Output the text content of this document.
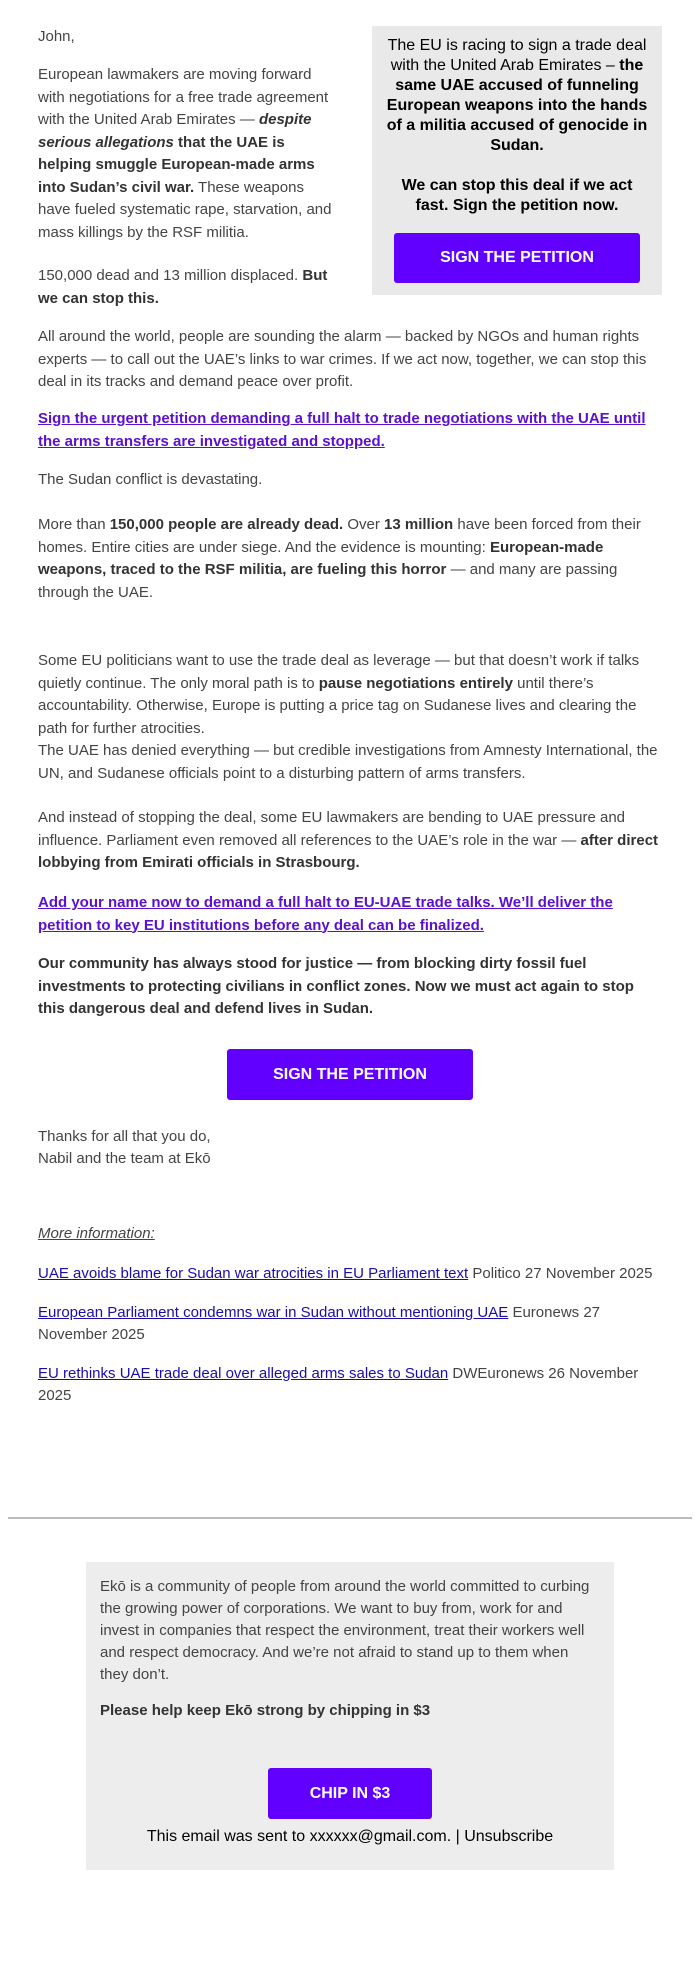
John,

European lawmakers are moving forward with negotiations for a free trade agreement with the United Arab Emirates — despite serious allegations that the UAE is helping smuggle European-made arms into Sudan’s civil war. These weapons have fueled systematic rape, starvation, and mass killings by the RSF militia.

150,000 dead and 13 million displaced. But we can stop this.

The EU is racing to sign a trade deal with the United Arab Emirates – the same UAE accused of funneling European weapons into the hands of a militia accused of genocide in Sudan.

We can stop this deal if we act fast. Sign the petition now.

SIGN THE PETITION

All around the world, people are sounding the alarm — backed by NGOs and human rights experts — to call out the UAE’s links to war crimes. If we act now, together, we can stop this deal in its tracks and demand peace over profit.

Sign the urgent petition demanding a full halt to trade negotiations with the UAE until the arms transfers are investigated and stopped.

The Sudan conflict is devastating.

More than 150,000 people are already dead. Over 13 million have been forced from their homes. Entire cities are under siege. And the evidence is mounting: European-made weapons, traced to the RSF militia, are fueling this horror — and many are passing through the UAE.

Some EU politicians want to use the trade deal as leverage — but that doesn’t work if talks quietly continue. The only moral path is to pause negotiations entirely until there’s accountability. Otherwise, Europe is putting a price tag on Sudanese lives and clearing the path for further atrocities.

The UAE has denied everything — but credible investigations from Amnesty International, the UN, and Sudanese officials point to a disturbing pattern of arms transfers.

And instead of stopping the deal, some EU lawmakers are bending to UAE pressure and influence. Parliament even removed all references to the UAE’s role in the war — after direct lobbying from Emirati officials in Strasbourg.

Add your name now to demand a full halt to EU-UAE trade talks. We’ll deliver the petition to key EU institutions before any deal can be finalized.

Our community has always stood for justice — from blocking dirty fossil fuel investments to protecting civilians in conflict zones. Now we must act again to stop this dangerous deal and defend lives in Sudan.

SIGN THE PETITION
Thanks for all that you do,
Nabil and the team at Ekō
More information:
UAE avoids blame for Sudan war atrocities in EU Parliament text Politico 27 November 2025
European Parliament condemns war in Sudan without mentioning UAE Euronews 27 November 2025
EU rethinks UAE trade deal over alleged arms sales to Sudan DWEuronews 26 November 2025

Ekō is a community of people from around the world committed to curbing the growing power of corporations. We want to buy from, work for and invest in companies that respect the environment, treat their workers well and respect democracy. And we’re not afraid to stand up to them when they don’t.

Please help keep Ekō strong by chipping in $3
CHIP IN $3
This email was sent to xxxxxx@gmail.com. | Unsubscribe
